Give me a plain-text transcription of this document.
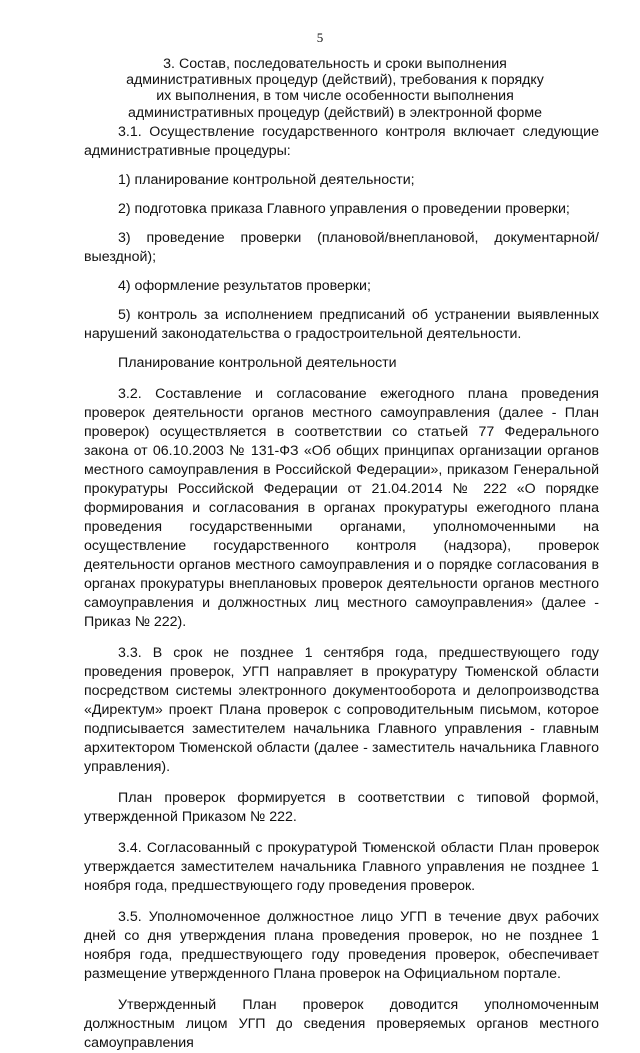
5
3. Состав, последовательность и сроки выполнения
административных процедур (действий), требования к порядку
их выполнения, в том числе особенности выполнения
административных процедур (действий) в электронной форме

3.1. Осуществление государственного контроля включает следующие административные процедуры:

1) планирование контрольной деятельности;

2) подготовка приказа Главного управления о проведении проверки;

3) проведение проверки (плановой/внеплановой, документарной/ выездной);

4) оформление результатов проверки;

5) контроль за исполнением предписаний об устранении выявленных нарушений законодательства о градостроительной деятельности.

Планирование контрольной деятельности

3.2. Составление и согласование ежегодного плана проведения проверок деятельности органов местного самоуправления (далее - План проверок) осуществляется в соответствии со статьей 77 Федерального закона от 06.10.2003 № 131-ФЗ «Об общих принципах организации органов местного самоуправления в Российской Федерации», приказом Генеральной прокуратуры Российской Федерации от 21.04.2014 № 222 «О порядке формирования и согласования в органах прокуратуры ежегодного плана проведения государственными органами, уполномоченными на осуществление государственного контроля (надзора), проверок деятельности органов местного самоуправления и о порядке согласования в органах прокуратуры внеплановых проверок деятельности органов местного самоуправления и должностных лиц местного самоуправления» (далее - Приказ № 222).

3.3. В срок не позднее 1 сентября года, предшествующего году проведения проверок, УГП направляет в прокуратуру Тюменской области посредством системы электронного документооборота и делопроизводства «Директум» проект Плана проверок с сопроводительным письмом, которое подписывается заместителем начальника Главного управления - главным архитектором Тюменской области (далее - заместитель начальника Главного управления).

План проверок формируется в соответствии с типовой формой, утвержденной Приказом № 222.

3.4. Согласованный с прокуратурой Тюменской области План проверок утверждается заместителем начальника Главного управления не позднее 1 ноября года, предшествующего году проведения проверок.

3.5. Уполномоченное должностное лицо УГП в течение двух рабочих дней со дня утверждения плана проведения проверок, но не позднее 1 ноября года, предшествующего году проведения проверок, обеспечивает размещение утвержденного Плана проверок на Официальном портале.

Утвержденный План проверок доводится уполномоченным должностным лицом УГП до сведения проверяемых органов местного самоуправления
